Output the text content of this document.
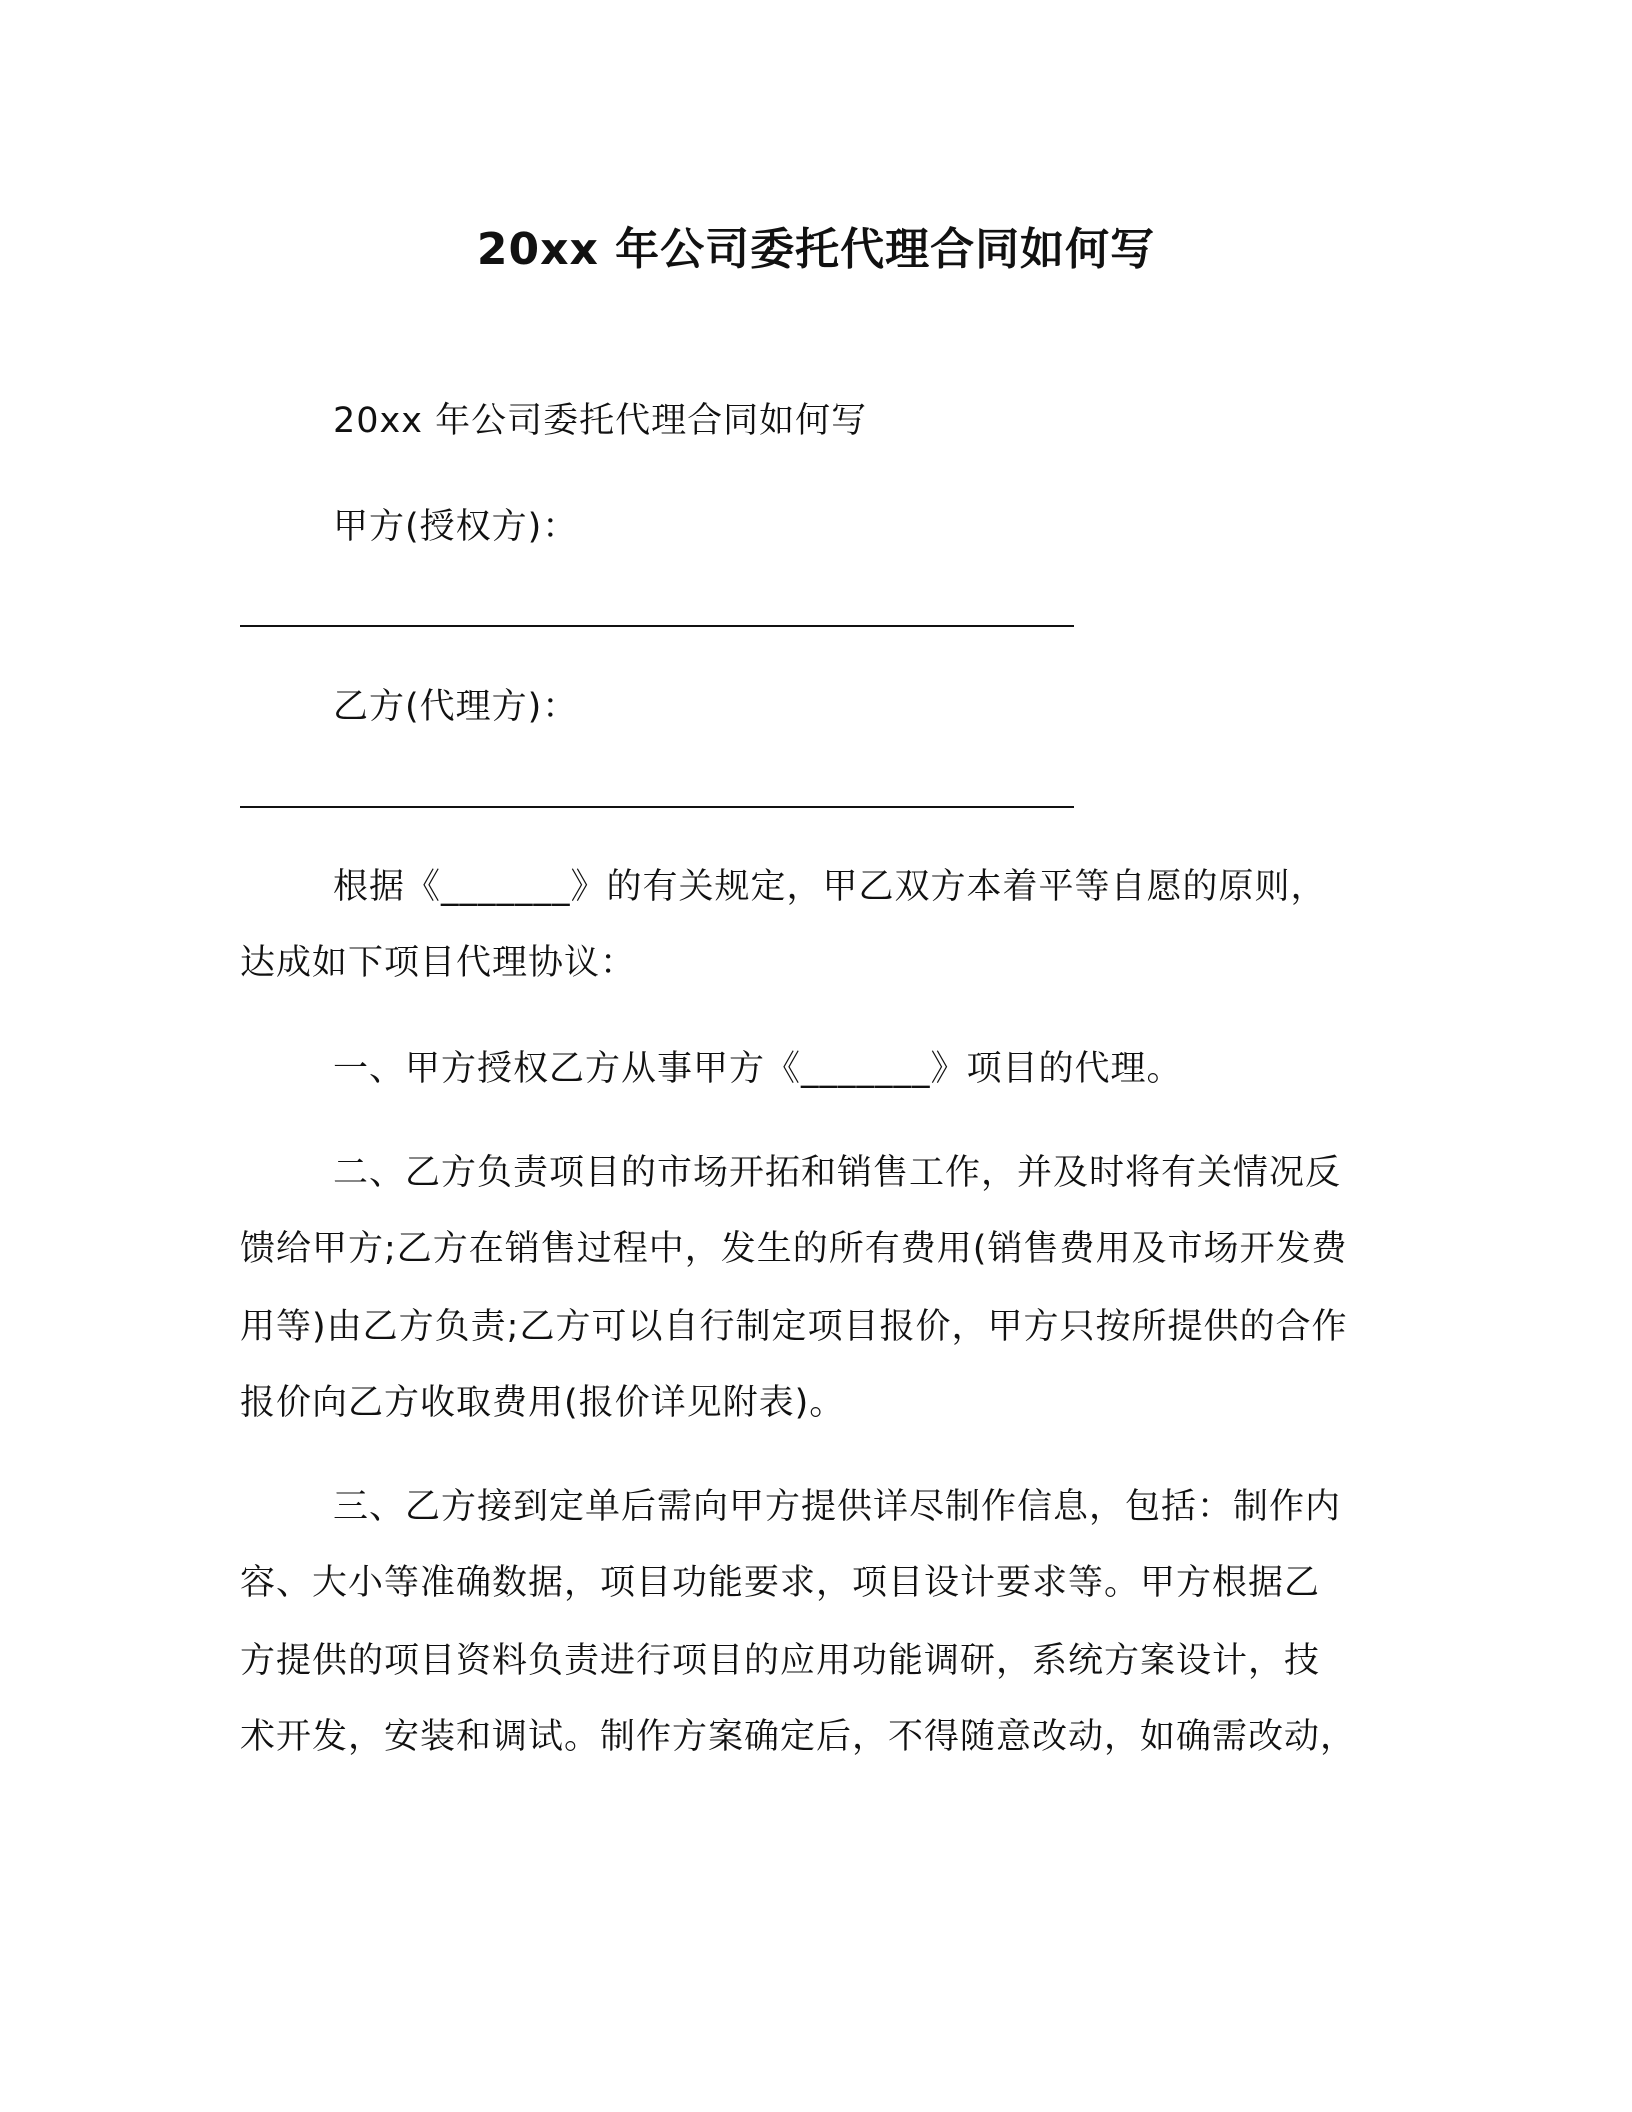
20xx 年公司委托代理合同如何写
20xx 年公司委托代理合同如何写
甲方(授权方)：
乙方(代理方)：
根据《_______》的有关规定，甲乙双方本着平等自愿的原则，
达成如下项目代理协议：
一、甲方授权乙方从事甲方《_______》项目的代理。
二、乙方负责项目的市场开拓和销售工作，并及时将有关情况反
馈给甲方;乙方在销售过程中，发生的所有费用(销售费用及市场开发费
用等)由乙方负责;乙方可以自行制定项目报价，甲方只按所提供的合作
报价向乙方收取费用(报价详见附表)。
三、乙方接到定单后需向甲方提供详尽制作信息，包括：制作内
容、大小等准确数据，项目功能要求，项目设计要求等。甲方根据乙
方提供的项目资料负责进行项目的应用功能调研，系统方案设计，技
术开发，安装和调试。制作方案确定后，不得随意改动，如确需改动，
